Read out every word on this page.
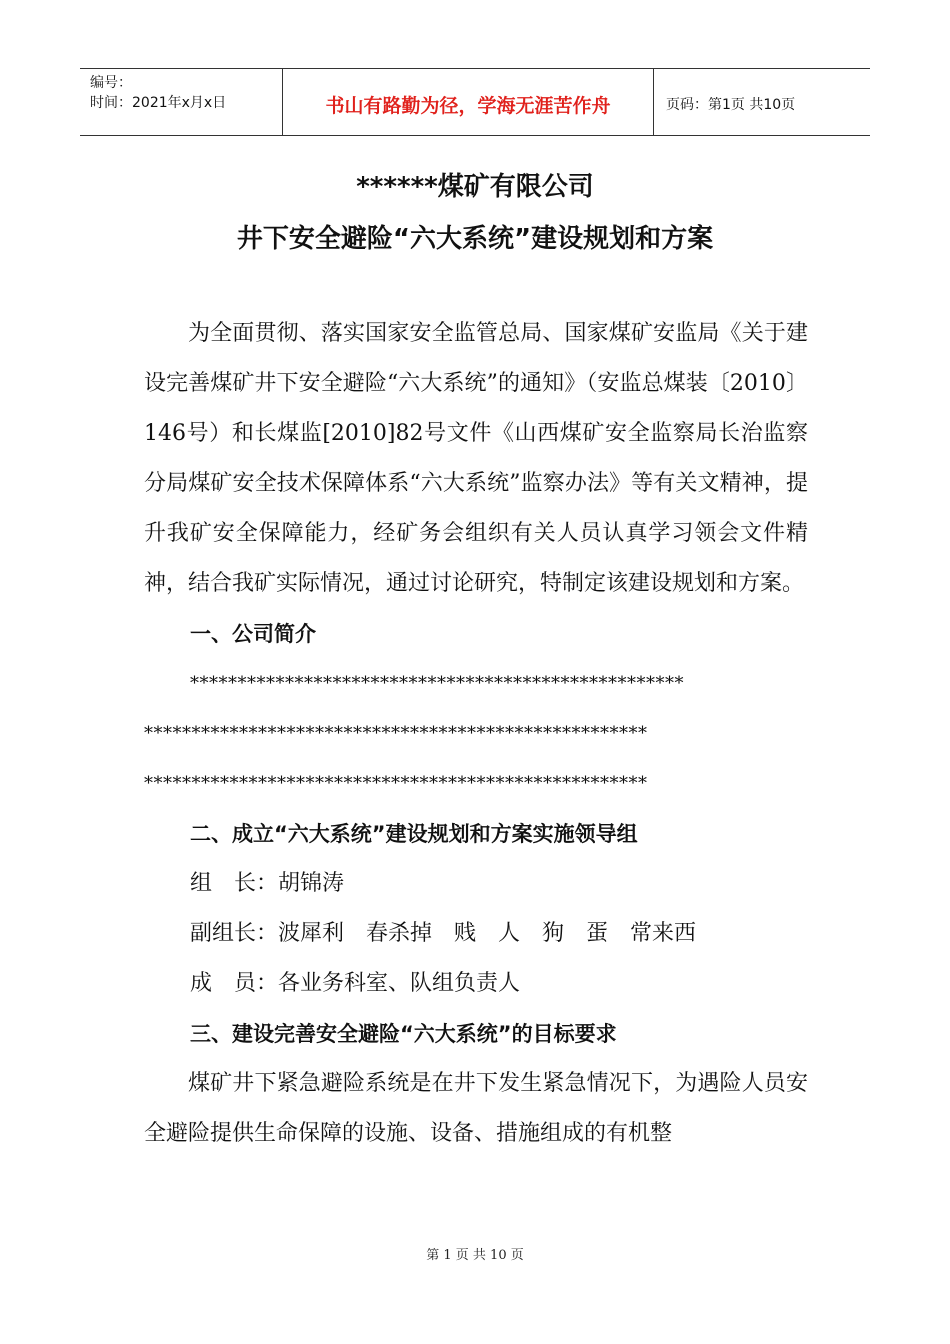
编号：
时间：2021年x月x日	书山有路勤为径，学海无涯苦作舟	页码：第1页 共10页
******煤矿有限公司
井下安全避险“六大系统”建设规划和方案

为全面贯彻、落实国家安全监管总局、国家煤矿安监局《关于建设完善煤矿井下安全避险“六大系统”的通知》（安监总煤装〔2010〕146号）和长煤监[2010]82号文件《山西煤矿安全监察局长治监察分局煤矿安全技术保障体系“六大系统”监察办法》等有关文精神，提升我矿安全保障能力，经矿务会组织有关人员认真学习领会文件精神，结合我矿实际情况，通过讨论研究，特制定该建设规划和方案。

一、公司简介

****************************************************

*****************************************************

*****************************************************

二、成立“六大系统”建设规划和方案实施领导组

组　长：胡锦涛

副组长：波犀利　春杀掉　贱　人　狗　蛋　常来西

成　员：各业务科室、队组负责人

三、建设完善安全避险“六大系统”的目标要求

煤矿井下紧急避险系统是在井下发生紧急情况下，为遇险人员安全避险提供生命保障的设施、设备、措施组成的有机整

第 1 页 共 10 页
